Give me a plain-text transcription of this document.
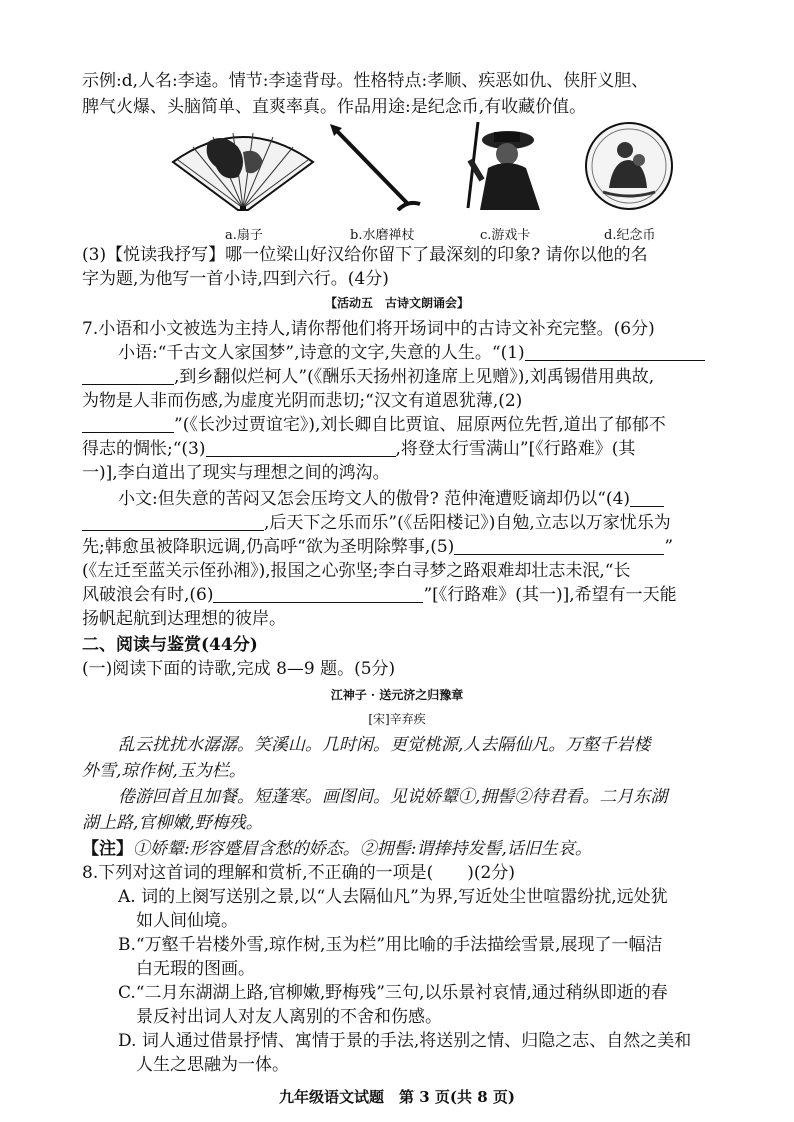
示例:d,人名:李逵。情节:李逵背母。性格特点:孝顺、疾恶如仇、侠肝义胆、
脾气火爆、头脑简单、直爽率真。作品用途:是纪念币,有收藏价值。
a.扇子	b.水磨禅杖	c.游戏卡	d.纪念币
(3)【悦读我抒写】哪一位梁山好汉给你留下了最深刻的印象? 请你以他的名
字为题,为他写一首小诗,四到六行。(4分)
【活动五　古诗文朗诵会】
7.小语和小文被选为主持人,请你帮他们将开场词中的古诗文补充完整。(6分)
小语:“千古文人家国梦”,诗意的文字,失意的人生。“(1)
,到乡翻似烂柯人”(《酬乐天扬州初逢席上见赠》),刘禹锡借用典故,
为物是人非而伤感,为虚度光阴而悲切;“汉文有道恩犹薄,(2)
”(《长沙过贾谊宅》),刘长卿自比贾谊、屈原两位先哲,道出了郁郁不
得志的惆怅;“(3)	,将登太行雪满山”[《行路难》(其
一)],李白道出了现实与理想之间的鸿沟。
小文:但失意的苦闷又怎会压垮文人的傲骨? 范仲淹遭贬谪却仍以“(4)
,后天下之乐而乐”(《岳阳楼记》)自勉,立志以万家忧乐为
先;韩愈虽被降职远调,仍高呼“欲为圣明除弊事,(5)	”
(《左迁至蓝关示侄孙湘》),报国之心弥坚;李白寻梦之路艰难却壮志未泯,“长
风破浪会有时,(6)	”[《行路难》(其一)],希望有一天能
扬帆起航到达理想的彼岸。
二、阅读与鉴赏(44分)
(一)阅读下面的诗歌,完成 8—9 题。(5分)
江神子 · 送元济之归豫章
[宋]辛弃疾
乱云扰扰水潺潺。笑溪山。几时闲。更觉桃源,人去隔仙凡。万壑千岩楼
外雪,琼作树,玉为栏。
倦游回首且加餐。短蓬寒。画图间。见说娇颦①,拥髻②待君看。二月东湖
湖上路,官柳嫩,野梅残。
【注】①娇颦:形容蹙眉含愁的娇态。②拥髻:谓捧持发髻,话旧生哀。
8.下列对这首词的理解和赏析,不正确的一项是(　　)(2分)
A. 词的上阕写送别之景,以“人去隔仙凡”为界,写近处尘世喧嚣纷扰,远处犹
如人间仙境。
B.“万壑千岩楼外雪,琼作树,玉为栏”用比喻的手法描绘雪景,展现了一幅洁
白无瑕的图画。
C.“二月东湖湖上路,官柳嫩,野梅残”三句,以乐景衬哀情,通过稍纵即逝的春
景反衬出词人对友人离别的不舍和伤感。
D. 词人通过借景抒情、寓情于景的手法,将送别之情、归隐之志、自然之美和
人生之思融为一体。
九年级语文试题　第 3 页(共 8 页)
